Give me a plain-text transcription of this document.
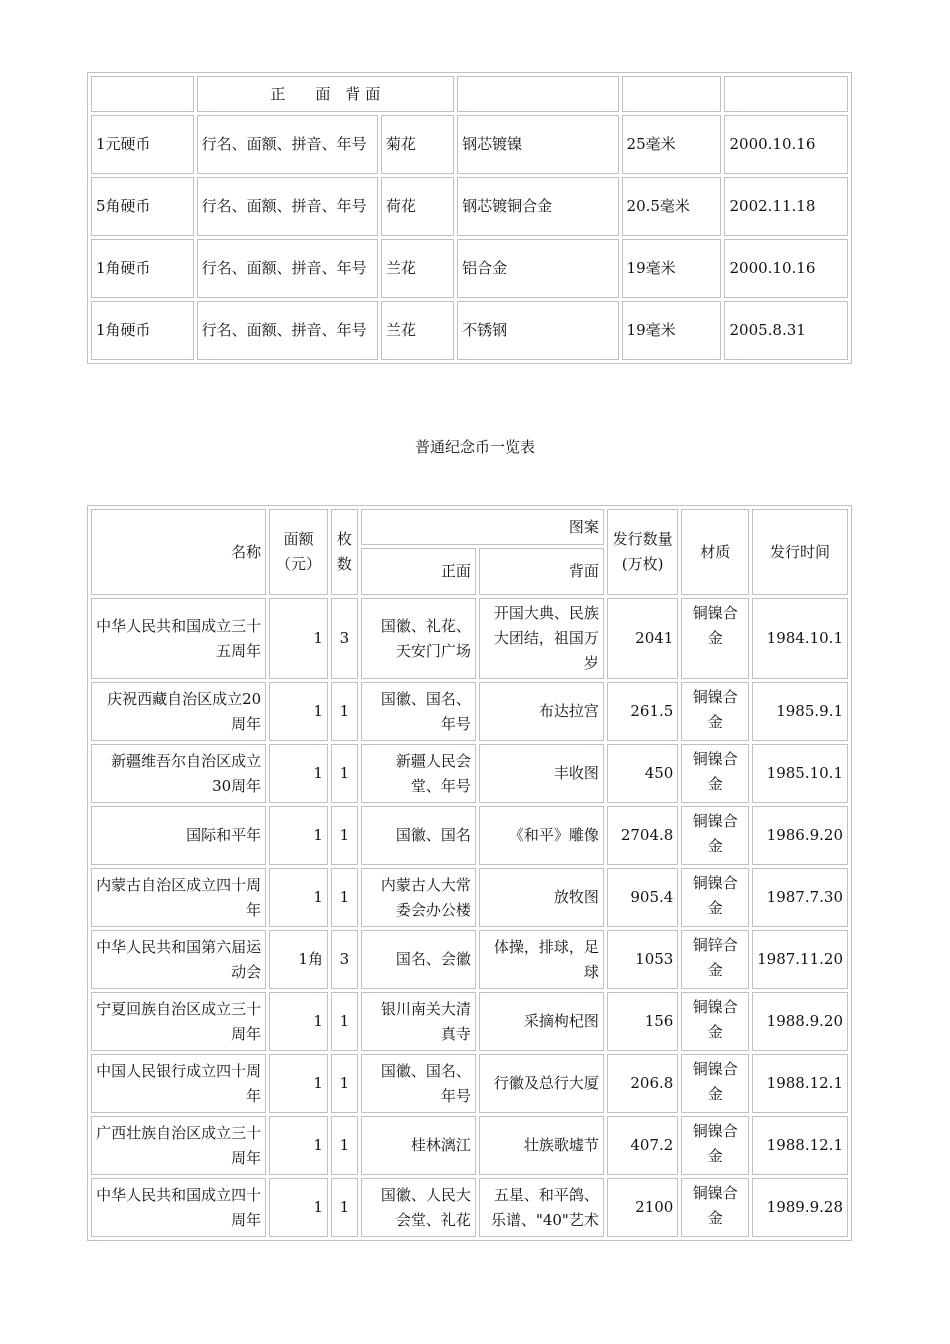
	正　　面　背 面				
1元硬币	行名、面额、拼音、年号	菊花	钢芯镀镍	25毫米	2000.10.16
5角硬币	行名、面额、拼音、年号	荷花	钢芯镀铜合金	20.5毫米	2002.11.18
1角硬币	行名、面额、拼音、年号	兰花	铝合金	19毫米	2000.10.16
1角硬币	行名、面额、拼音、年号	兰花	不锈钢	19毫米	2005.8.31
普通纪念币一览表
名称	面额（元）	枚数	图案		发行数量(万枚)	材质	发行时间
			正面	背面			
中华人民共和国成立三十五周年	1	3	国徽、礼花、天安门广场	开国大典、民族大团结，祖国万岁	2041	铜镍合金	1984.10.1
庆祝西藏自治区成立20周年	1	1	国徽、国名、年号	布达拉宫	261.5	铜镍合金	1985.9.1
新疆维吾尔自治区成立30周年	1	1	新疆人民会堂、年号	丰收图	450	铜镍合金	1985.10.1
国际和平年	1	1	国徽、国名	《和平》雕像	2704.8	铜镍合金	1986.9.20
内蒙古自治区成立四十周年	1	1	内蒙古人大常委会办公楼	放牧图	905.4	铜镍合金	1987.7.30
中华人民共和国第六届运动会	1角	3	国名、会徽	体操，排球，足球	1053	铜锌合金	1987.11.20
宁夏回族自治区成立三十周年	1	1	银川南关大清真寺	采摘枸杞图	156	铜镍合金	1988.9.20
中国人民银行成立四十周年	1	1	国徽、国名、年号	行徽及总行大厦	206.8	铜镍合金	1988.12.1
广西壮族自治区成立三十周年	1	1	桂林漓江	壮族歌墟节	407.2	铜镍合金	1988.12.1
中华人民共和国成立四十周年	1	1	国徽、人民大会堂、礼花	五星、和平鸽、乐谱、"40"艺术	2100	铜镍合金	1989.9.28
